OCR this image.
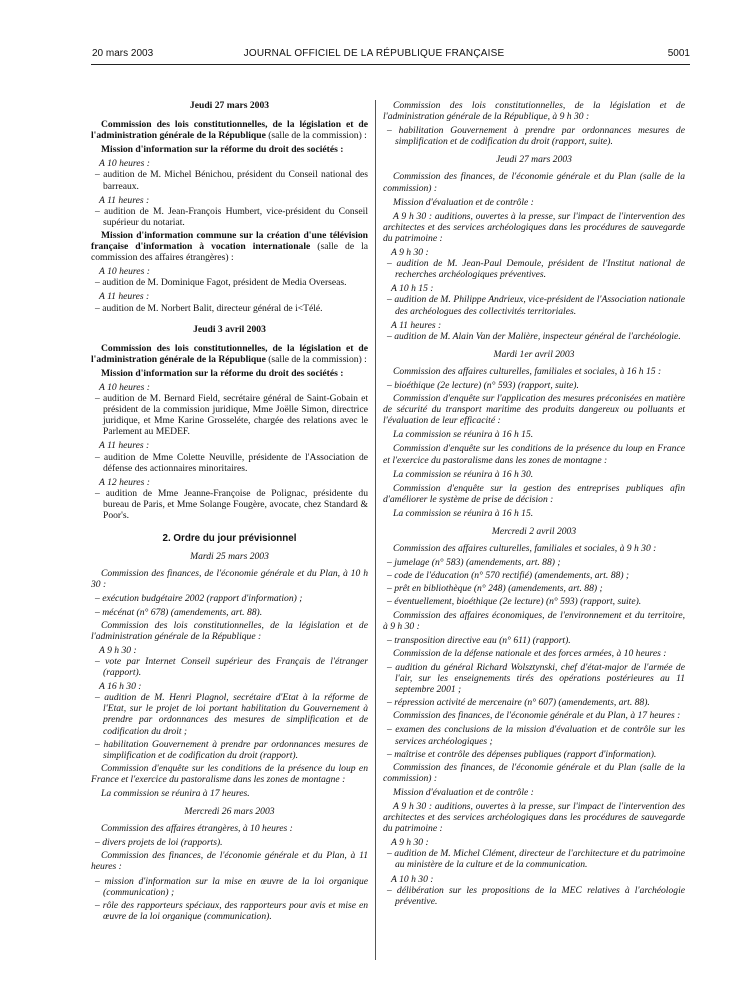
20 mars 2003	JOURNAL OFFICIEL DE LA RÉPUBLIQUE FRANÇAISE	5001
Jeudi 27 mars 2003
Commission des lois constitutionnelles, de la législation et de l'administration générale de la République (salle de la commission) :
Mission d'information sur la réforme du droit des sociétés :
A 10 heures :
– audition de M. Michel Bénichou, président du Conseil national des barreaux.
A 11 heures :
– audition de M. Jean-François Humbert, vice-président du Conseil supérieur du notariat.
Mission d'information commune sur la création d'une télévision française d'information à vocation internationale (salle de la commission des affaires étrangères) :
A 10 heures :
– audition de M. Dominique Fagot, président de Media Overseas.
A 11 heures :
– audition de M. Norbert Balit, directeur général de i<Télé.
Jeudi 3 avril 2003
Commission des lois constitutionnelles, de la législation et de l'administration générale de la République (salle de la commission) :
Mission d'information sur la réforme du droit des sociétés :
A 10 heures :
– audition de M. Bernard Field, secrétaire général de Saint-Gobain et président de la commission juridique, Mme Joëlle Simon, directrice juridique, et Mme Karine Grosseléte, chargée des relations avec le Parlement au MEDEF.
A 11 heures :
– audition de Mme Colette Neuville, présidente de l'Association de défense des actionnaires minoritaires.
A 12 heures :
– audition de Mme Jeanne-Françoise de Polignac, présidente du bureau de Paris, et Mme Solange Fougère, avocate, chez Standard & Poor's.
2. Ordre du jour prévisionnel
Mardi 25 mars 2003
Commission des finances, de l'économie générale et du Plan, à 10 h 30 :
– exécution budgétaire 2002 (rapport d'information) ;
– mécénat (n° 678) (amendements, art. 88).
Commission des lois constitutionnelles, de la législation et de l'administration générale de la République :
A 9 h 30 :
– vote par Internet Conseil supérieur des Français de l'étranger (rapport).
A 16 h 30 :
– audition de M. Henri Plagnol, secrétaire d'Etat à la réforme de l'Etat, sur le projet de loi portant habilitation du Gouvernement à prendre par ordonnances des mesures de simplification et de codification du droit ;
– habilitation Gouvernement à prendre par ordonnances mesures de simplification et de codification du droit (rapport).
Commission d'enquête sur les conditions de la présence du loup en France et l'exercice du pastoralisme dans les zones de montagne :
La commission se réunira à 17 heures.
Mercredi 26 mars 2003
Commission des affaires étrangères, à 10 heures :
– divers projets de loi (rapports).
Commission des finances, de l'économie générale et du Plan, à 11 heures :
– mission d'information sur la mise en œuvre de la loi organique (communication) ;
– rôle des rapporteurs spéciaux, des rapporteurs pour avis et mise en œuvre de la loi organique (communication).
Commission des lois constitutionnelles, de la législation et de l'administration générale de la République, à 9 h 30 :
– habilitation Gouvernement à prendre par ordonnances mesures de simplification et de codification du droit (rapport, suite).
Jeudi 27 mars 2003
Commission des finances, de l'économie générale et du Plan (salle de la commission) :
Mission d'évaluation et de contrôle :
A 9 h 30 : auditions, ouvertes à la presse, sur l'impact de l'intervention des architectes et des services archéologiques dans les procédures de sauvegarde du patrimoine :
A 9 h 30 :
– audition de M. Jean-Paul Demoule, président de l'Institut national de recherches archéologiques préventives.
A 10 h 15 :
– audition de M. Philippe Andrieux, vice-président de l'Association nationale des archéologues des collectivités territoriales.
A 11 heures :
– audition de M. Alain Van der Malière, inspecteur général de l'archéologie.
Mardi 1er avril 2003
Commission des affaires culturelles, familiales et sociales, à 16 h 15 :
– bioéthique (2e lecture) (n° 593) (rapport, suite).
Commission d'enquête sur l'application des mesures préconisées en matière de sécurité du transport maritime des produits dangereux ou polluants et l'évaluation de leur efficacité :
La commission se réunira à 16 h 15.
Commission d'enquête sur les conditions de la présence du loup en France et l'exercice du pastoralisme dans les zones de montagne :
La commission se réunira à 16 h 30.
Commission d'enquête sur la gestion des entreprises publiques afin d'améliorer le système de prise de décision :
La commission se réunira à 16 h 15.
Mercredi 2 avril 2003
Commission des affaires culturelles, familiales et sociales, à 9 h 30 :
– jumelage (n° 583) (amendements, art. 88) ;
– code de l'éducation (n° 570 rectifié) (amendements, art. 88) ;
– prêt en bibliothèque (n° 248) (amendements, art. 88) ;
– éventuellement, bioéthique (2e lecture) (n° 593) (rapport, suite).
Commission des affaires économiques, de l'environnement et du territoire, à 9 h 30 :
– transposition directive eau (n° 611) (rapport).
Commission de la défense nationale et des forces armées, à 10 heures :
– audition du général Richard Wolsztynski, chef d'état-major de l'armée de l'air, sur les enseignements tirés des opérations postérieures au 11 septembre 2001 ;
– répression activité de mercenaire (n° 607) (amendements, art. 88).
Commission des finances, de l'économie générale et du Plan, à 17 heures :
– examen des conclusions de la mission d'évaluation et de contrôle sur les services archéologiques ;
– maîtrise et contrôle des dépenses publiques (rapport d'information).
Commission des finances, de l'économie générale et du Plan (salle de la commission) :
Mission d'évaluation et de contrôle :
A 9 h 30 : auditions, ouvertes à la presse, sur l'impact de l'intervention des architectes et des services archéologiques dans les procédures de sauvegarde du patrimoine :
A 9 h 30 :
– audition de M. Michel Clément, directeur de l'architecture et du patrimoine au ministère de la culture et de la communication.
A 10 h 30 :
– délibération sur les propositions de la MEC relatives à l'archéologie préventive.
